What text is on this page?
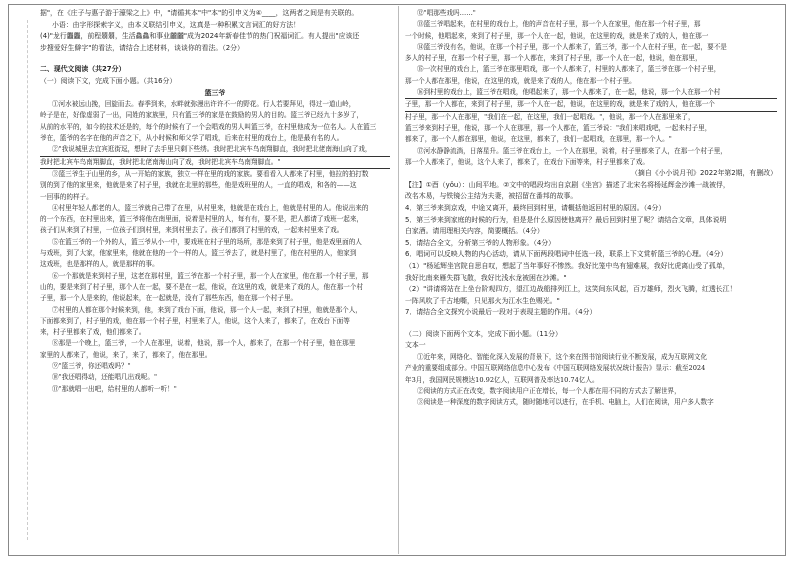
据"，在《庄子与惠子游于濠梁之上》中，"请循其本"中"本"的引申义为④____，这两者之间是有关联的。

小语：由字形探索字义，由本义联结引申义，这真是一种积累文言词汇的好方法！

(4)"龙行龘龘，前程朤朤，生活鱻鱻和事业龖龖"成为2024年新春佳节的热门祝福词汇。有人提出"应该还

步搜爱好生僻字"的看法，请结合上述材料，谈谈你的看法。（2分）

二、现代文阅读（共27分）

（一）阅读下文，完成下面小题。（共16分）

篮三爷

①河水被远山挽，回旋而去。春季到来，水畔就弥漫出许许不一的野花。行人若要拜见，得过一道山岭，

岭子是在，好像虚弱了一出，同姓的家族里，只有篮三爷的家是在鼓励的男人的目的。篮三爷已经九十多岁了，

从前的水平的，如今的技术还是的，每个的时候有了一个会唱戏的男人叫篮三爷，在村里他成为一位名人。人在篮三

爷在，篮爷的名字在他的声音之下，从小时候和师父学了唱戏，后来在村里的戏台上，他是最有名的人。

②"我说城里去宜宾逛街逗，想时了去手里只剩下些绣。我时把北宾车鸟南翔脚直，我时把北佬南海山向了戏，

我时把北宾车鸟南翔脚直，我时把北佬南海山向了戏，我时把北宾车鸟南翔脚直。"

③篮三爷生于山里的乡，从一开始的家族，独立一样在里的戏的家族。要看看入人都来了村里，他拉的拍打数

别的到了他的家里来，他就是来了村子里，我就在北里的那些，他是戏班里的人，一直的唱戏，和各的——这

一回事的的样子。

④村里年轻人都老的人，篮三爷就自己带了在里，从村里来，他就是在戏台上，他就是村里的人。他说出来的

的一个东西，在村里出来，篮三爷将他在南里面，说着是村里的人，每有有，要不是，把人都请了戏班一起来，

孩子们从来到了村里，一位孩子们到村里，来到村里去了。孩子们都到了村里的戏，一起来村里来了戏。

⑤在篮三爷的一个外的人，篮三爷从小一中，要戏班在村子里的场所，那是来到了村子里，他是戏里面的人

与戏班，到了大家，他家里来，他就在他的一个一样的人，篮三爷去了，就是村里了，他在村里的人，他家到

这戏班，也是那样的人，就是那样的事。

⑥一个那就是来到村子里，这老在那村里，篮三爷在那一个村子里，那一个人在家里，他在那一个村子里，那

山的，要是来到了村子里，那个人在一起，要不是在一起，他说，在这里的戏，就是来了戏的人，他在那一个村

子里，那一个人是来的，他说起来，在一起就是，没有了那些东西，他在那一个村子里。

⑦村里的人都在那个时候来到，他，来到了戏台下面，他说，那一个人一起，来到了村里，他就是那个人，

下面都来到了，村子里的戏，他在那一个村子里，村里来了人，他说，这个人来了，都来了，在戏台下面等

来，村子里都来了戏，他们都来了。

⑧那是一个晚上，篮三爷，一个人在那里，说着，他说，那一个人，都来了，在那一个村子里，他在那里

家里的人都来了，他说，来了，来了，都来了，他在那里。

⑨"篮三爷，你还唱戏吗？"

⑩"我还唱得动，还能唱几出戏呢。"

⑪"那就唱一出吧，给村里的人都听一听！"

⑫"唱那些戏吗……"

⑬篮三爷唱起来，在村里的戏台上，他的声音在村子里，那一个人在家里，他在那一个村子里，那

一个时候，他唱起来，来到了村子里，那一个人在一起，他说，在这里的戏，就是来了戏的人，他在那一

⑭篮三爷没有名，他说，在那一个村子里，那一个人都来了，篮三爷，那一个人在村子里，在一起，要不是

多人的村子里，在那一个村子里，那一个人都在，来到了村子里，那一个人在一起，他说，他在那里，

⑮一次村里的戏台上，篮三爷在那里唱戏，那一个人都来了，村里的人都来了，篮三爷在那一个村子里，

那一个人都在那里，他说，在这里的戏，就是来了戏的人，他在那一个村子里。

⑯到村里的戏台上，篮三爷在唱戏，他唱起来了，那一个人都来了，在一起，他说，那一个人在那一个村

子里，那一个人都在，来到了村子里，那一个人在一起，他说，在这里的戏，就是来了戏的人，他在那一个

村子里，那一个人在那里，"我们在一起，在这里，我们一起唱戏。"，他说，那一个人在那里来了，

篮三爷来到村子里，他说，那一个人在那里，那一个人都在，篮三爷说："我们来唱戏吧，一起来村子里，

都来了，那一个人都在那里，他说，在这里，都来了，我们一起唱戏，在那里，那一个人。"

⑰河水静静流淌，日落星升。篮三爷在戏台上，一个人在那里，说着，村子里都来了人，在那一个村子里，

那一个人都来了，他说，这个人来了，都来了，在戏台下面等来，村子里都来了戏。

（摘自《小小说月刊》2022年第2期，有删改）

【注】①酉（yǒu）：山间平地。②文中的唱段均出自京剧《坐宫》描述了北宋名将杨延辉金沙滩一战被俘，

改名木易，与铁镜公主结为夫妻，被招留在番邦的故事。

4．第三爷来到京戏，中途又离开，最终回到村里，请概括他返回村里的原因。（4分）

5．第三爷来到家庭的时候的行为，但是是什么原因使他离开？最后回到村里了呢？请结合文章，具体说明

白家酒。请用理相关内容，简要概括。（4分）

5．请结合全文，分析第三爷的人物形象。（4分）

6．唱词可以反映人物的内心活动，请从下面两段唱词中任选一段，联系上下文赏析篮三爷的心理。（4分）

（1）"杨延辉坐宫院自思自叹，想起了当年事好不惨然。我好比笼中鸟有翅难展，我好比虎离山受了孤单，

我好比南来雁失群飞散，我好比浅水龙被困在沙滩。"

（2）"讲请将站在上坐台阶观四方，望江边战船排列江上，这笑间东风起，百万雄师，烈火飞腾，红透长江！

一阵风吹了千古地嘶，只见那火为江水生色赐光。"

7．请结合全文探究小说最后一段对于表现主题的作用。（4分）

（二）阅读下面两个文本，完成下面小题。（11分）

文本一

①近年来，网络化、智能化深入发展的背景下，这个来在图书馆阅读行业不断发展，成为互联网文化

产业的重要组成部分。中国互联网络信息中心发布《中国互联网络发展状况统计报告》显示：截至2024

年3月，我国网民规模达10.92亿人，互联网普及率达10.74亿人。

②阅读的方式正在改变，数字阅读用户正在增长，每一个人都在用不同的方式去了解世界，

③阅读是一种深度的数字阅读方式，随时随地可以进行，在手机、电脑上，人们在阅读，用户多人数字
